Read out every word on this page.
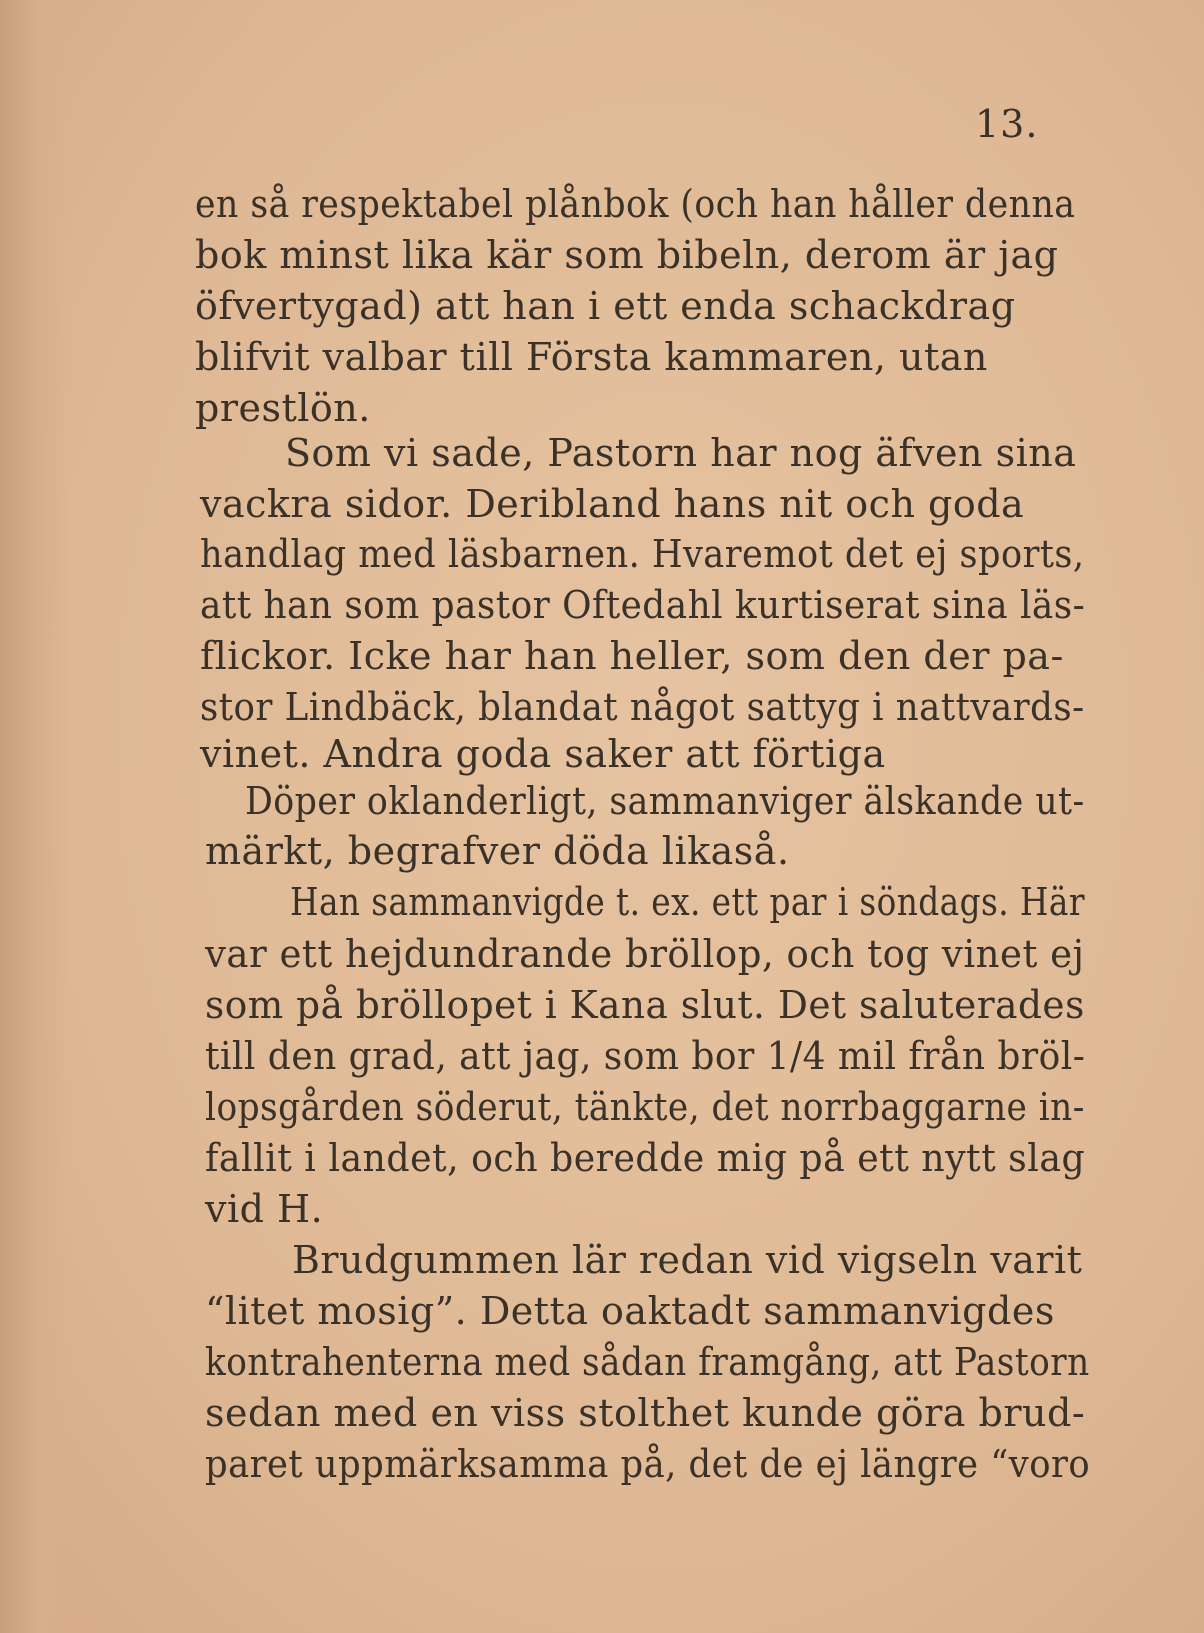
13.
en så respektabel plånbok (och han håller denna
bok minst lika kär som bibeln, derom är jag
öfvertygad) att han i ett enda schackdrag
blifvit valbar till Första kammaren, utan
prestlön.
Som vi sade, Pastorn har nog äfven sina
vackra sidor. Deribland hans nit och goda
handlag med läsbarnen. Hvaremot det ej sports,
att han som pastor Oftedahl kurtiserat sina läs-
flickor. Icke har han heller, som den der pa-
stor Lindbäck, blandat något sattyg i nattvards-
vinet. Andra goda saker att förtiga
Döper oklanderligt, sammanviger älskande ut-
märkt, begrafver döda likaså.
Han sammanvigde t. ex. ett par i söndags. Här
var ett hejdundrande bröllop, och tog vinet ej
som på bröllopet i Kana slut. Det saluterades
till den grad, att jag, som bor 1/4 mil från bröl-
lopsgården söderut, tänkte, det norrbaggarne in-
fallit i landet, och beredde mig på ett nytt slag
vid H.
Brudgummen lär redan vid vigseln varit
“litet mosig”. Detta oaktadt sammanvigdes
kontrahenterna med sådan framgång, att Pastorn
sedan med en viss stolthet kunde göra brud-
paret uppmärksamma på, det de ej längre “voro
